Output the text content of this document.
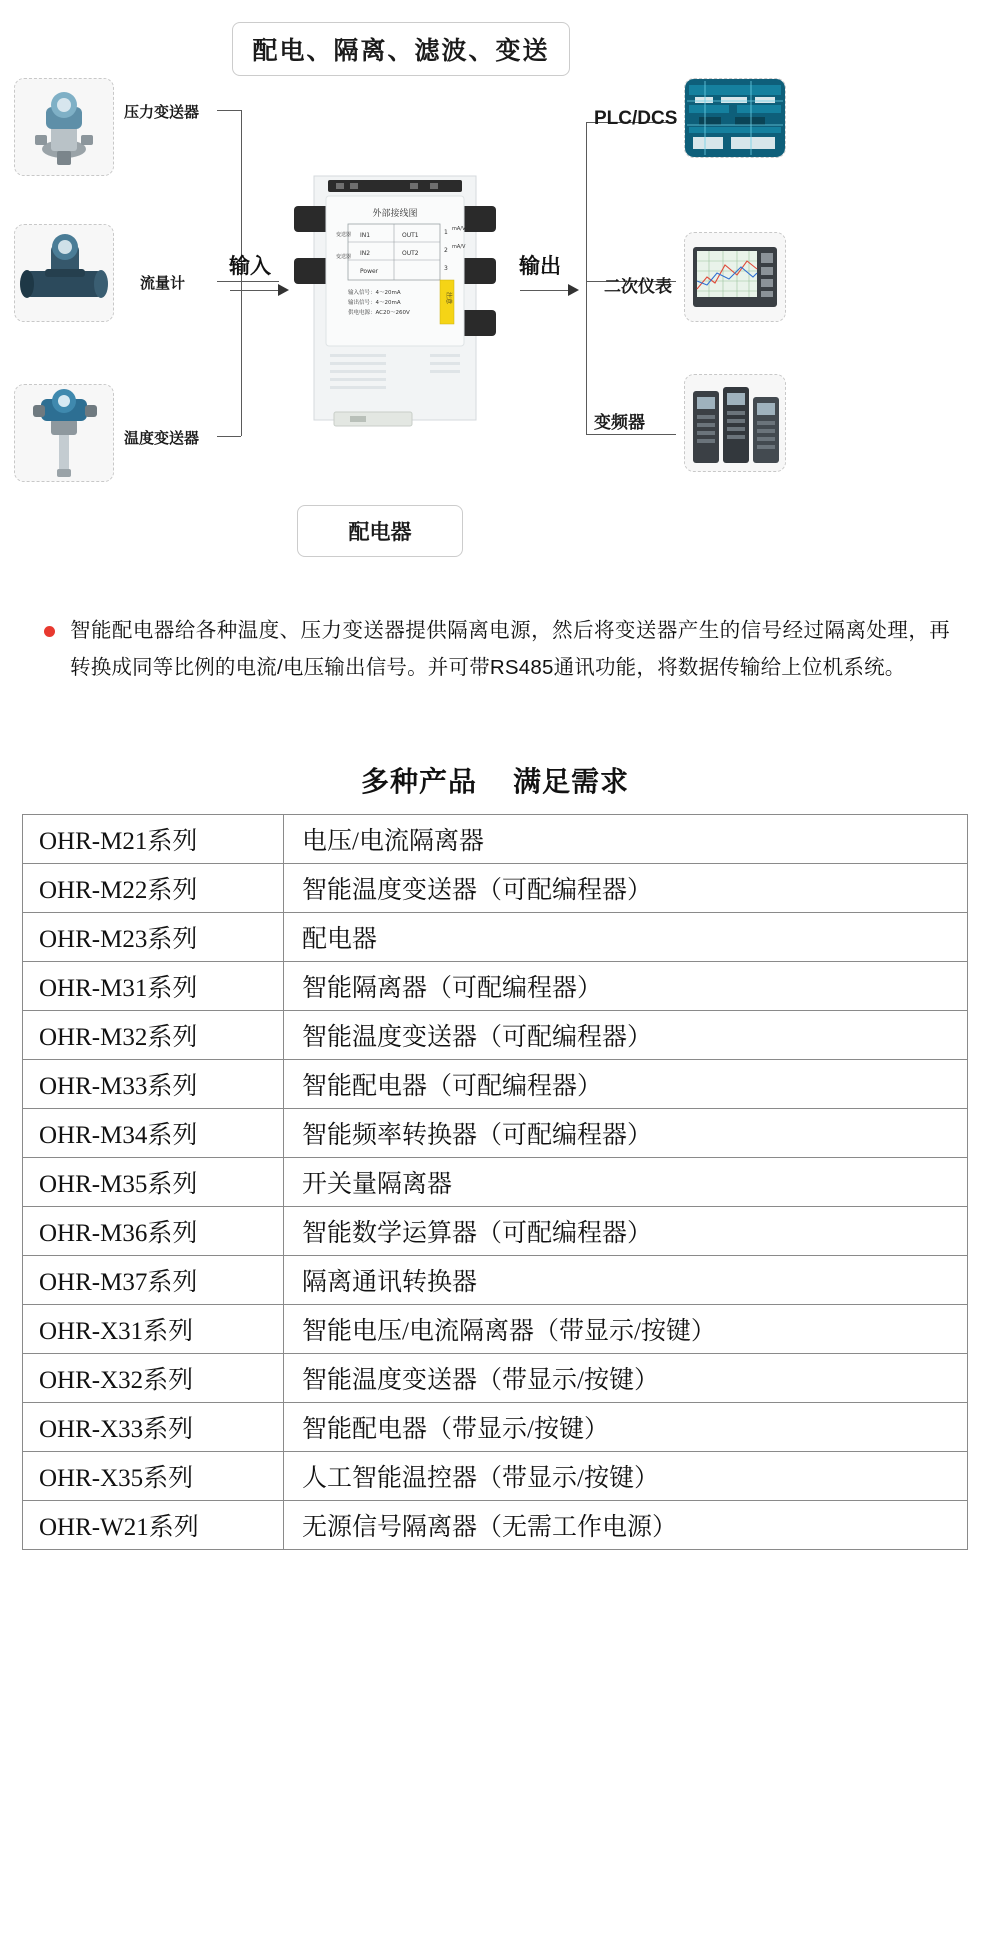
配电、隔离、滤波、变送
压力变送器
流量计
温度变送器
输入
外部接线图
IN1	OUT1
IN2	OUT2
Power
1
2
3
mA/V
mA/V
变送器
变送器
输入信号：4～20mA
输出信号：4～20mA
供电电源：AC20～260V
注意
输出
PLC/DCS
二次仪表
变频器
配电器

智能配电器给各种温度、压力变送器提供隔离电源，然后将变送器产生的信号经过隔离处理，再转换成同等比例的电流/电压输出信号。并可带RS485通讯功能，将数据传输给上位机系统。

多种产品 满足需求
OHR-M21系列	电压/电流隔离器
OHR-M22系列	智能温度变送器（可配编程器）
OHR-M23系列	配电器
OHR-M31系列	智能隔离器（可配编程器）
OHR-M32系列	智能温度变送器（可配编程器）
OHR-M33系列	智能配电器（可配编程器）
OHR-M34系列	智能频率转换器（可配编程器）
OHR-M35系列	开关量隔离器
OHR-M36系列	智能数学运算器（可配编程器）
OHR-M37系列	隔离通讯转换器
OHR-X31系列	智能电压/电流隔离器（带显示/按键）
OHR-X32系列	智能温度变送器（带显示/按键）
OHR-X33系列	智能配电器（带显示/按键）
OHR-X35系列	人工智能温控器（带显示/按键）
OHR-W21系列	无源信号隔离器（无需工作电源）
